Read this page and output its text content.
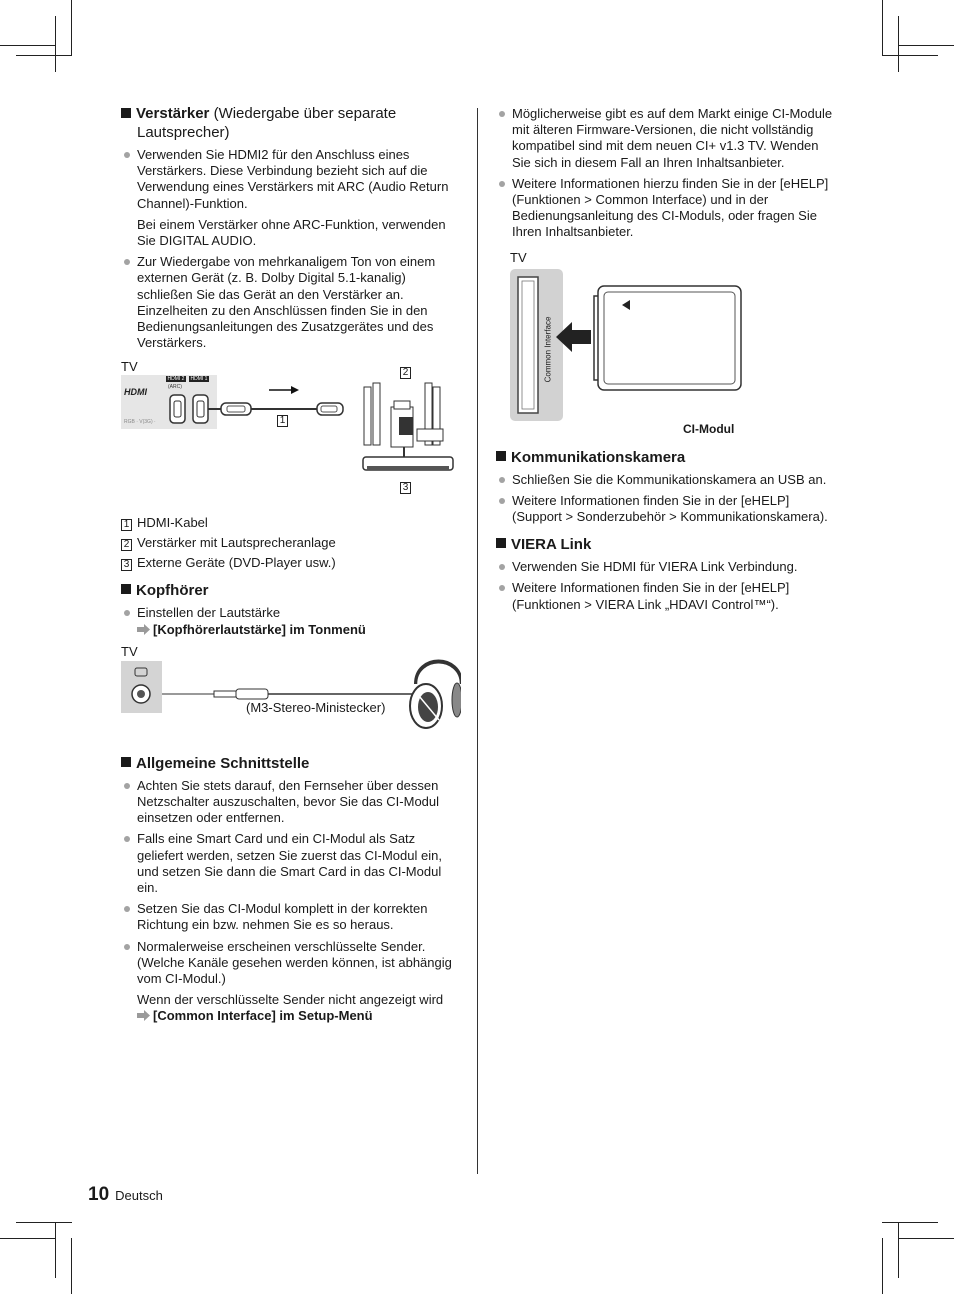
Verstärker (Wiedergabe über separate Lautsprecher)
Verwenden Sie HDMI2 für den Anschluss eines Verstärkers. Diese Verbindung bezieht sich auf die Verwendung eines Verstärkers mit ARC (Audio Return Channel)-Funktion.
Bei einem Verstärker ohne ARC-Funktion, verwenden Sie DIGITAL AUDIO.
Zur Wiedergabe von mehrkanaligem Ton von einem externen Gerät (z. B. Dolby Digital 5.1-kanalig) schließen Sie das Gerät an den Verstärker an. Einzelheiten zu den Anschlüssen finden Sie in den Bedienungsanleitungen des Zusatzgerätes und des Verstärkers.
TV
HDMI
HDMI 2	HDMI 1
(ARC)
RGB · V(3G) ·	1
2
3
1 HDMI-Kabel
2 Verstärker mit Lautsprecheranlage
3 Externe Geräte (DVD-Player usw.)
Kopfhörer
Einstellen der Lautstärke
[Kopfhörerlautstärke] im Tonmenü
TV
(M3-Stereo-Ministecker)
Allgemeine Schnittstelle
Achten Sie stets darauf, den Fernseher über dessen Netzschalter auszuschalten, bevor Sie das CI-Modul einsetzen oder entfernen.
Falls eine Smart Card und ein CI-Modul als Satz geliefert werden, setzen Sie zuerst das CI-Modul ein, und setzen Sie dann die Smart Card in das CI-Modul ein.
Setzen Sie das CI-Modul komplett in der korrekten Richtung ein bzw. nehmen Sie es so heraus.
Normalerweise erscheinen verschlüsselte Sender. (Welche Kanäle gesehen werden können, ist abhängig vom CI-Modul.)
Wenn der verschlüsselte Sender nicht angezeigt wird
[Common Interface] im Setup-Menü
Möglicherweise gibt es auf dem Markt einige CI-Module mit älteren Firmware-Versionen, die nicht vollständig kompatibel sind mit dem neuen CI+ v1.3 TV. Wenden Sie sich in diesem Fall an Ihren Inhaltsanbieter.
Weitere Informationen hierzu finden Sie in der [eHELP] (Funktionen > Common Interface) und in der Bedienungsanleitung des CI-Moduls, oder fragen Sie Ihren Inhaltsanbieter.
TV
Common Interface
CI-Modul
Kommunikationskamera
Schließen Sie die Kommunikationskamera an USB an.
Weitere Informationen finden Sie in der [eHELP] (Support > Sonderzubehör > Kommunikationskamera).
VIERA Link
Verwenden Sie HDMI für VIERA Link Verbindung.
Weitere Informationen finden Sie in der [eHELP] (Funktionen > VIERA Link „HDAVI Control™“).
10 Deutsch
